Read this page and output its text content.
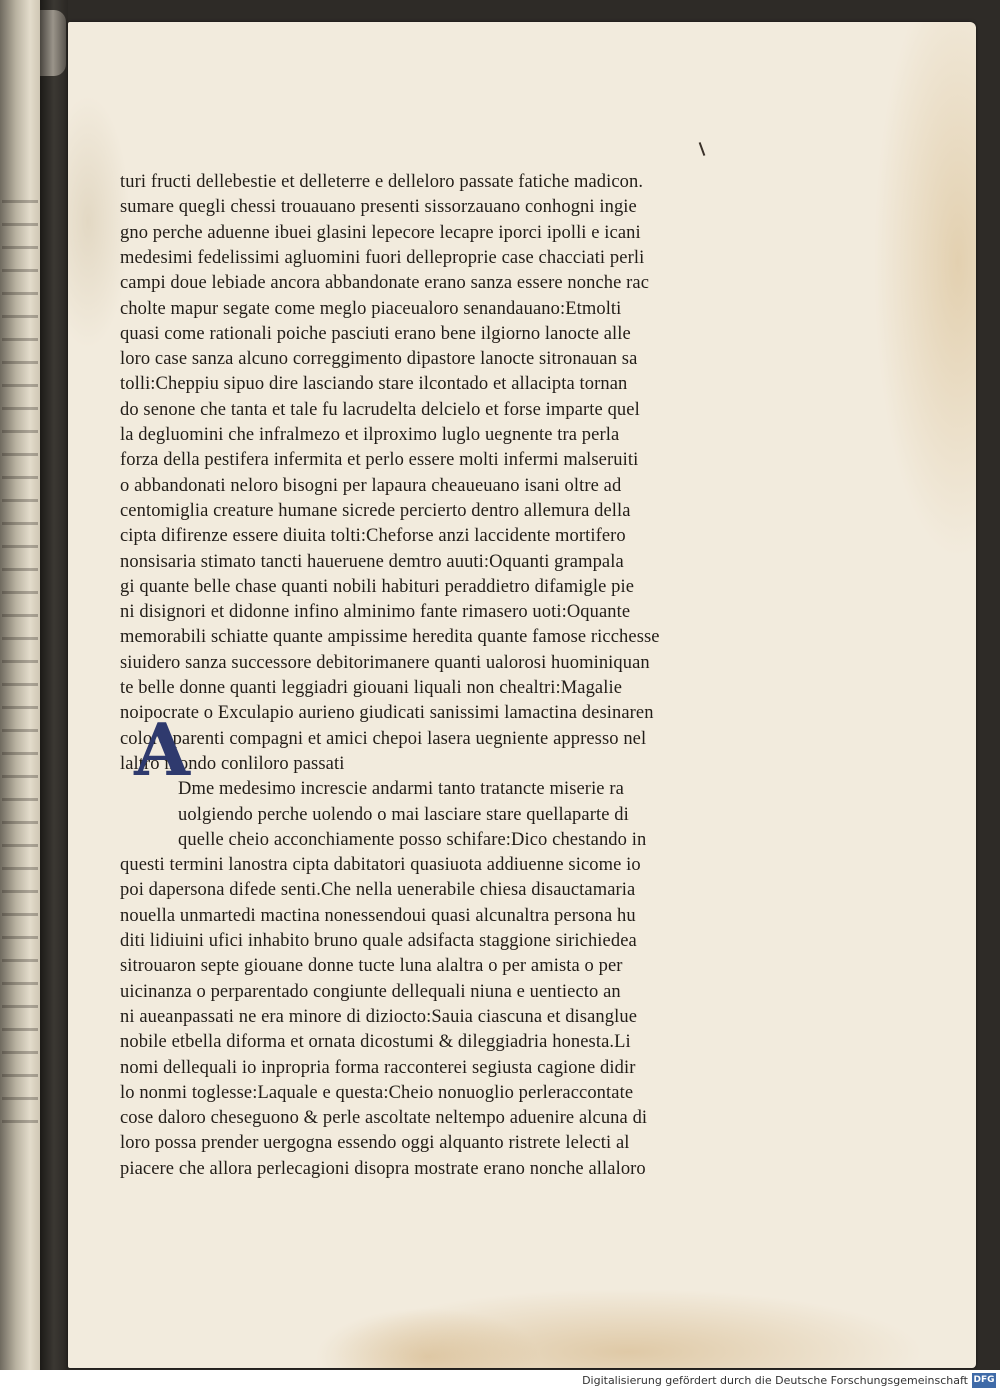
turi fructi dellebestie et delleterre e delleloro passate fatiche madicon.
sumare quegli chessi trouauano presenti sissorzauano conhogni ingie
gno perche aduenne ibuei glasini lepecore lecapre iporci ipolli e icani
medesimi fedelissimi agluomini fuori delleproprie case chacciati perli
campi doue lebiade ancora abbandonate erano sanza essere nonche rac
cholte mapur segate come meglo piaceualoro senandauano:Etmolti
quasi come rationali poiche pasciuti erano bene ilgiorno lanocte alle
loro case sanza alcuno correggimento dipastore lanocte sitronauan sa
tolli:Cheppiu sipuo dire lasciando stare ilcontado et allacipta tornan
do senone che tanta et tale fu lacrudelta delcielo et forse imparte quel
la degluomini che infralmezo et ilproximo luglo uegnente tra perla
forza della pestifera infermita et perlo essere molti infermi malseruiti
o abbandonati neloro bisogni per lapaura cheaueuano isani oltre ad
centomiglia creature humane sicrede percierto dentro allemura della
cipta difirenze essere diuita tolti:Cheforse anzi laccidente mortifero
nonsisaria stimato tancti haueruene demtro auuti:Oquanti grampala
gi quante belle chase quanti nobili habituri peraddietro difamigle pie
ni disignori et didonne infino alminimo fante rimasero uoti:Oquante
memorabili schiatte quante ampissime heredita quante famose ricchesse
siuidero sanza successore debitorimanere quanti ualorosi huominiquan
te belle donne quanti leggiadri giouani liquali non chealtri:Magalie
noipocrate o Exculapio aurieno giudicati sanissimi lamactina desinaren
coloro parenti compagni et amici chepoi lasera uegniente appresso nel
laltro mondo conliloro passati
Dme medesimo increscie andarmi tanto tratancte miserie ra
uolgiendo perche uolendo o mai lasciare stare quellaparte di
quelle cheio acconchiamente posso schifare:Dico chestando in
questi termini lanostra cipta dabitatori quasiuota addiuenne sicome io
poi dapersona difede senti.Che nella uenerabile chiesa disauctamaria
nouella unmartedi mactina nonessendoui quasi alcunaltra persona hu
diti lidiuini ufici inhabito bruno quale adsifacta staggione sirichiedea
sitrouaron septe giouane donne tucte luna alaltra o per amista o per
uicinanza o perparentado congiunte dellequali niuna e uentiecto an
ni aueanpassati ne era minore di diziocto:Sauia ciascuna et disanglue
nobile etbella diforma et ornata dicostumi & dileggiadria honesta.Li
nomi dellequali io inpropria forma racconterei segiusta cagione didir
lo nonmi toglesse:Laquale e questa:Cheio nonuoglio perleraccontate
cose daloro cheseguono & perle ascoltate neltempo aduenire alcuna di
loro possa prender uergogna essendo oggi alquanto ristrete lelecti al
piacere che allora perlecagioni disopra mostrate erano nonche allaloro
A
Digitalisierung gefördert durch die Deutsche Forschungsgemeinschaft DFG
